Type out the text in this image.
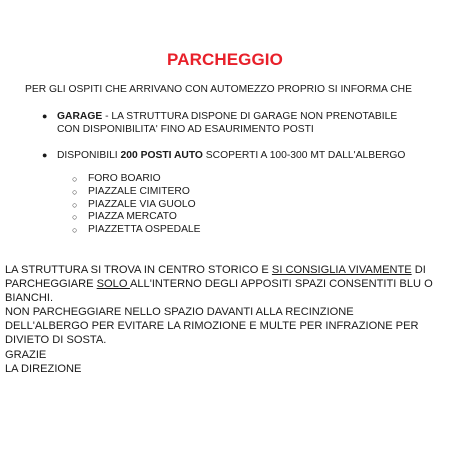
PARCHEGGIO
PER GLI OSPITI CHE ARRIVANO CON AUTOMEZZO PROPRIO SI INFORMA CHE
● GARAGE - LA STRUTTURA DISPONE DI GARAGE NON PRENOTABILE CON DISPONIBILITA' FINO AD ESAURIMENTO POSTI
● DISPONIBILI 200 POSTI AUTO SCOPERTI A 100-300 MT DALL'ALBERGO
○ FORO BOARIO
○ PIAZZALE CIMITERO
○ PIAZZALE VIA GUOLO
○ PIAZZA MERCATO
○ PIAZZETTA OSPEDALE

LA STRUTTURA SI TROVA IN CENTRO STORICO E SI CONSIGLIA VIVAMENTE DI PARCHEGGIARE SOLO ALL'INTERNO DEGLI APPOSITI SPAZI CONSENTITI BLU O BIANCHI.

NON PARCHEGGIARE NELLO SPAZIO DAVANTI ALLA RECINZIONE DELL'ALBERGO PER EVITARE LA RIMOZIONE E MULTE PER INFRAZIONE PER DIVIETO DI SOSTA.

GRAZIE

LA DIREZIONE
